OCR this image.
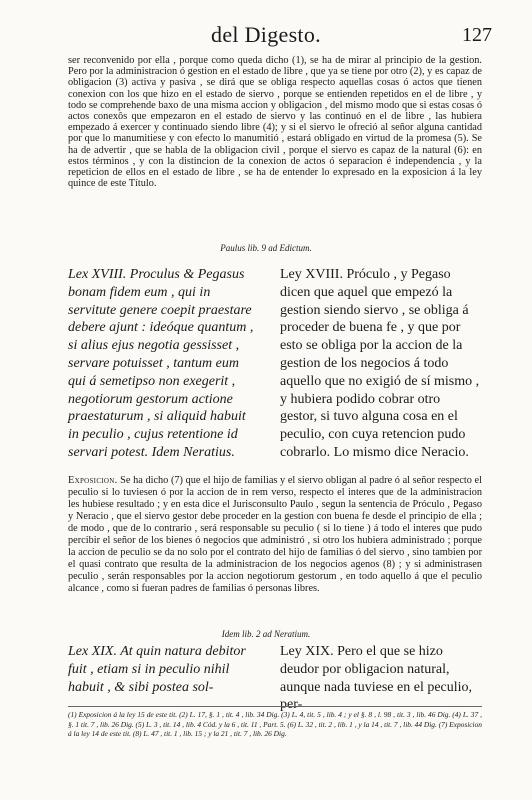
del Digesto.	127

ser reconvenido por ella , porque como queda dicho (1), se ha de mirar al principio de la gestion. Pero por la administracion ó gestion en el estado de libre , que ya se tiene por otro (2), y es capaz de obligacion (3) activa y pasiva , se dirá que se obliga respecto aquellas cosas ó actos que tienen conexion con los que hizo en el estado de siervo , porque se entienden repetidos en el de libre , y todo se comprehende baxo de una misma accion y obligacion , del mismo modo que si estas cosas ó actos conexôs que empezaron en el estado de siervo y las continuó en el de libre , las hubiera empezado á exercer y continuado siendo libre (4); y si el siervo le ofreció al señor alguna cantidad por que lo manumitiese y con efecto lo manumitió , estará obligado en virtud de la promesa (5). Se ha de advertir , que se habla de la obligacion civil , porque el siervo es capaz de la natural (6): en estos términos , y con la distincion de la conexion de actos ó separacion é independencia , y la repeticion de ellos en el estado de libre , se ha de entender lo expresado en la exposicion á la ley quince de este Título.

Paulus lib. 9 ad Edictum.

Lex XVIII. Proculus & Pegasus bonam fidem eum , qui in servitute genere coepit praestare debere ajunt : ideóque quantum , si alius ejus negotia gessisset , servare potuisset , tantum eum qui á semetipso non exegerit , negotiorum gestorum actione praestaturum , si aliquid habuit in peculio , cujus retentione id servari potest. Idem Neratius.

Ley XVIII. Próculo , y Pegaso dicen que aquel que empezó la gestion siendo siervo , se obliga á proceder de buena fe , y que por esto se obliga por la accion de la gestion de los negocios á todo aquello que no exigió de sí mismo , y hubiera podido cobrar otro gestor, si tuvo alguna cosa en el peculio, con cuya retencion pudo cobrarlo. Lo mismo dice Neracio.

Exposicion. Se ha dicho (7) que el hijo de familias y el siervo obligan al padre ó al señor respecto el peculio si lo tuviesen ó por la accion de in rem verso, respecto el interes que de la administracion les hubiese resultado ; y en esta dice el Jurisconsulto Paulo , segun la sentencia de Próculo , Pegaso y Neracio , que el siervo gestor debe proceder en la gestion con buena fe desde el principio de ella ; de modo , que de lo contrario , será responsable su peculio ( si lo tiene ) á todo el interes que pudo percibir el señor de los bienes ó negocios que administró , si otro los hubiera administrado ; porque la accion de peculio se da no solo por el contrato del hijo de familias ó del siervo , sino tambien por el quasi contrato que resulta de la administracion de los negocios agenos (8) ; y si administrasen peculio , serán responsables por la accion negotiorum gestorum , en todo aquello á que el peculio alcance , como si fueran padres de familias ó personas libres.

Idem lib. 2 ad Neratium.

Lex XIX. At quin natura debitor fuit , etiam si in peculio nihil habuit , & sibi postea sol-

Ley XIX. Pero el que se hizo deudor por obligacion natural, aunque nada tuviese en el peculio, per-

(1) Exposicion á la ley 15 de este tit. (2) L. 17, §. 1 , tit. 4 , lib. 34 Dig. (3) L. 4, tit. 5 , lib. 4 ; y el §. 8 , l. 98 , tit. 3 , lib. 46 Dig. (4) L. 37 , §. 1 tit. 7 , lib. 26 Dig. (5) L. 3 , tit. 14 , lib. 4 Cód. y la 6 , tit. 11 , Part. 5. (6) L. 32 , tit. 2 , lib. 1 , y la 14 , tit. 7 , lib. 44 Dig. (7) Exposicion á la ley 14 de este tit. (8) L. 47 , tit. 1 , lib. 15 ; y la 21 , tit. 7 , lib. 26 Dig.
